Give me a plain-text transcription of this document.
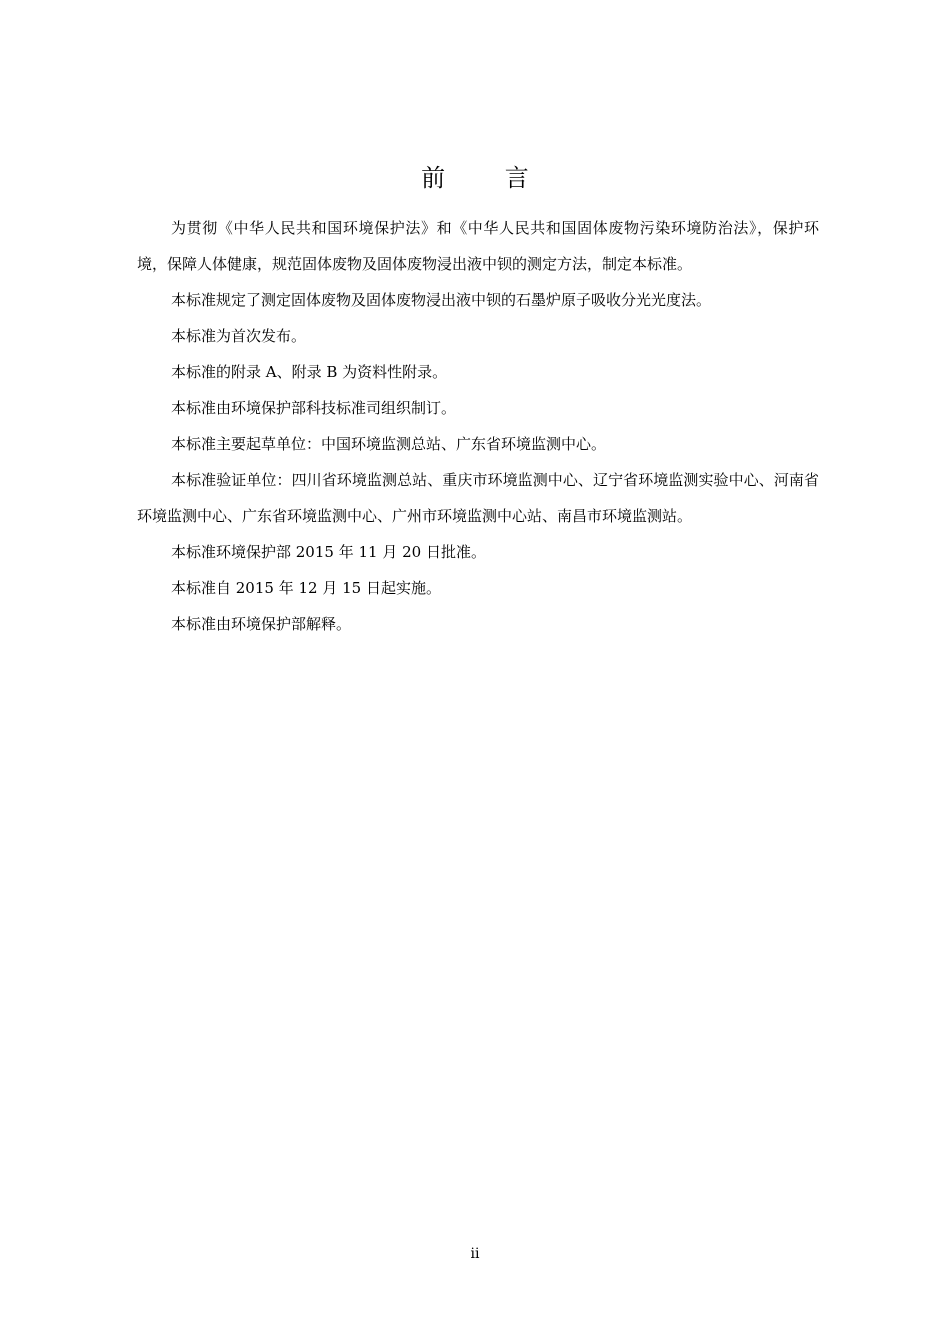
前 言

为贯彻《中华人民共和国环境保护法》和《中华人民共和国固体废物污染环境防治法》，保护环境，保障人体健康，规范固体废物及固体废物浸出液中钡的测定方法，制定本标准。

本标准规定了测定固体废物及固体废物浸出液中钡的石墨炉原子吸收分光光度法。

本标准为首次发布。

本标准的附录 A、附录 B 为资料性附录。

本标准由环境保护部科技标准司组织制订。

本标准主要起草单位：中国环境监测总站、广东省环境监测中心。

本标准验证单位：四川省环境监测总站、重庆市环境监测中心、辽宁省环境监测实验中心、河南省环境监测中心、广东省环境监测中心、广州市环境监测中心站、南昌市环境监测站。

本标准环境保护部 2015 年 11 月 20 日批准。

本标准自 2015 年 12 月 15 日起实施。

本标准由环境保护部解释。

ii
